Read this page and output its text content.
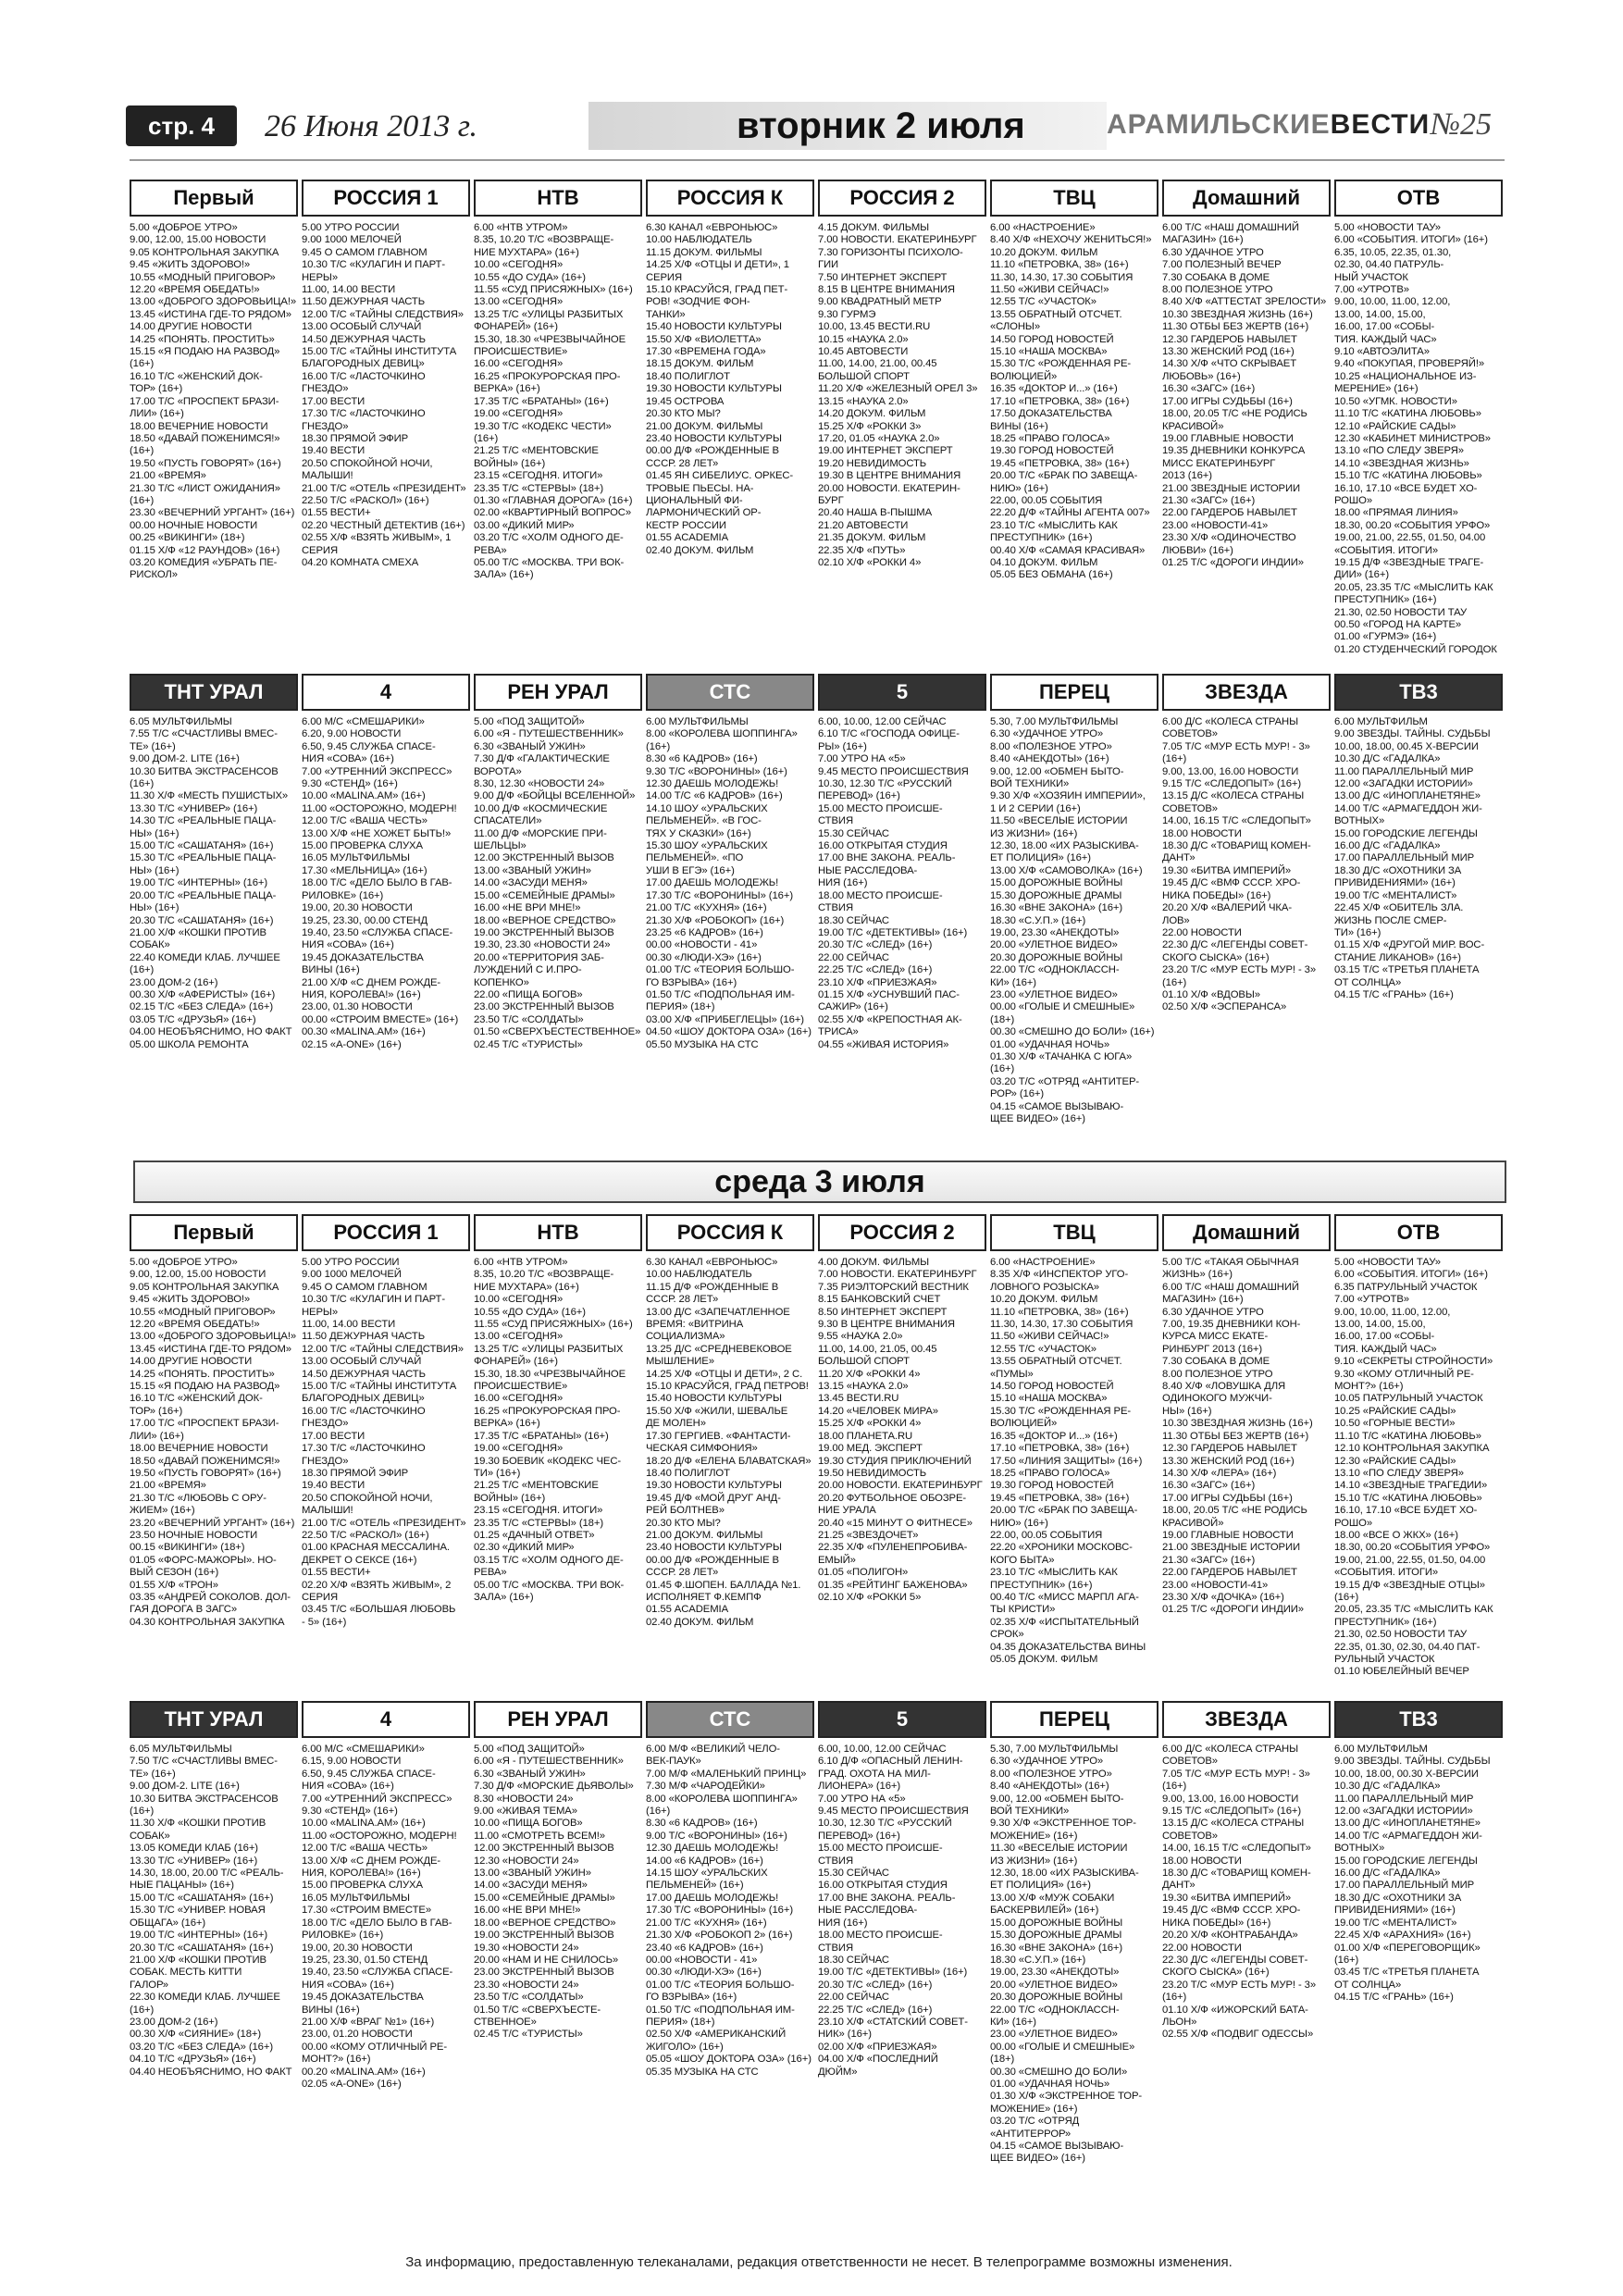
стр. 4	26 Июня 2013 г.	вторник 2 июля	АРАМИЛЬСКИЕВЕСТИ №25
Первый
5.00 «ДОБРОЕ УТРО»
9.00, 12.00, 15.00 НОВОСТИ
9.05 КОНТРОЛЬНАЯ ЗАКУПКА
9.45 «ЖИТЬ ЗДОРОВО!»
10.55 «МОДНЫЙ ПРИГОВОР»
12.20 «ВРЕМЯ ОБЕДАТЬ!»
13.00 «ДОБРОГО ЗДОРОВЬИЦА!»
13.45 «ИСТИНА ГДЕ-ТО РЯДОМ»
14.00 ДРУГИЕ НОВОСТИ
14.25 «ПОНЯТЬ. ПРОСТИТЬ»
15.15 «Я ПОДАЮ НА РАЗВОД»
(16+)
16.10 Т/С «ЖЕНСКИЙ ДОК-
ТОР» (16+)
17.00 Т/С «ПРОСПЕКТ БРАЗИ-
ЛИИ» (16+)
18.00 ВЕЧЕРНИЕ НОВОСТИ
18.50 «ДАВАЙ ПОЖЕНИМСЯ!»
(16+)
19.50 «ПУСТЬ ГОВОРЯТ» (16+)
21.00 «ВРЕМЯ»
21.30 Т/С «ЛИСТ ОЖИДАНИЯ»
(16+)
23.30 «ВЕЧЕРНИЙ УРГАНТ» (16+)
00.00 НОЧНЫЕ НОВОСТИ
00.25 «ВИКИНГИ» (18+)
01.15 Х/Ф «12 РАУНДОВ» (16+)
03.20 КОМЕДИЯ «УБРАТЬ ПЕ-
РИСКОЛ»
РОССИЯ 1
5.00 УТРО РОССИИ
9.00 1000 МЕЛОЧЕЙ
9.45 О САМОМ ГЛАВНОМ
10.30 Т/С «КУЛАГИН И ПАРТ-
НЕРЫ»
11.00, 14.00 ВЕСТИ
11.50 ДЕЖУРНАЯ ЧАСТЬ
12.00 Т/С «ТАЙНЫ СЛЕДСТВИЯ»
13.00 ОСОБЫЙ СЛУЧАЙ
14.50 ДЕЖУРНАЯ ЧАСТЬ
15.00 Т/С «ТАЙНЫ ИНСТИТУТА
БЛАГОРОДНЫХ ДЕВИЦ»
16.00 Т/С «ЛАСТОЧКИНО
ГНЕЗДО»
17.00 ВЕСТИ
17.30 Т/С «ЛАСТОЧКИНО
ГНЕЗДО»
18.30 ПРЯМОЙ ЭФИР
19.40 ВЕСТИ
20.50 СПОКОЙНОЙ НОЧИ,
МАЛЫШИ!
21.00 Т/С «ОТЕЛЬ «ПРЕЗИДЕНТ»
22.50 Т/С «РАСКОЛ» (16+)
01.55 ВЕСТИ+
02.20 ЧЕСТНЫЙ ДЕТЕКТИВ (16+)
02.55 Х/Ф «ВЗЯТЬ ЖИВЫМ», 1
СЕРИЯ
04.20 КОМНАТА СМЕХА
НТВ
6.00 «НТВ УТРОМ»
8.35, 10.20 Т/С «ВОЗВРАЩЕ-
НИЕ МУХТАРА» (16+)
10.00 «СЕГОДНЯ»
10.55 «ДО СУДА» (16+)
11.55 «СУД ПРИСЯЖНЫХ» (16+)
13.00 «СЕГОДНЯ»
13.25 Т/С «УЛИЦЫ РАЗБИТЫХ
ФОНАРЕЙ» (16+)
15.30, 18.30 «ЧРЕЗВЫЧАЙНОЕ
ПРОИСШЕСТВИЕ»
16.00 «СЕГОДНЯ»
16.25 «ПРОКУРОРСКАЯ ПРО-
ВЕРКА» (16+)
17.35 Т/С «БРАТАНЫ» (16+)
19.00 «СЕГОДНЯ»
19.30 Т/С «КОДЕКС ЧЕСТИ»
(16+)
21.25 Т/С «МЕНТОВСКИЕ
ВОЙНЫ» (16+)
23.15 «СЕГОДНЯ. ИТОГИ»
23.35 Т/С «СТЕРВЫ» (18+)
01.30 «ГЛАВНАЯ ДОРОГА» (16+)
02.00 «КВАРТИРНЫЙ ВОПРОС»
03.00 «ДИКИЙ МИР»
03.20 Т/С «ХОЛМ ОДНОГО ДЕ-
РЕВА»
05.00 Т/С «МОСКВА. ТРИ ВОК-
ЗАЛА» (16+)
РОССИЯ К
6.30 КАНАЛ «ЕВРОНЬЮС»
10.00 НАБЛЮДАТЕЛЬ
11.15 ДОКУМ. ФИЛЬМЫ
14.25 Х/Ф «ОТЦЫ И ДЕТИ», 1
СЕРИЯ
15.10 КРАСУЙСЯ, ГРАД ПЕТ-
РОВ! «ЗОДЧИЕ ФОН-
ТАНКИ»
15.40 НОВОСТИ КУЛЬТУРЫ
15.50 Х/Ф «ВИОЛЕТТА»
17.30 «ВРЕМЕНА ГОДА»
18.15 ДОКУМ. ФИЛЬМ
18.40 ПОЛИГЛОТ
19.30 НОВОСТИ КУЛЬТУРЫ
19.45 ОСТРОВА
20.30 КТО МЫ?
21.00 ДОКУМ. ФИЛЬМЫ
23.40 НОВОСТИ КУЛЬТУРЫ
00.00 Д/Ф «РОЖДЕННЫЕ В
СССР. 28 ЛЕТ»
01.45 ЯН СИБЕЛИУС. ОРКЕС-
ТРОВЫЕ ПЬЕСЫ. НА-
ЦИОНАЛЬНЫЙ ФИ-
ЛАРМОНИЧЕСКИЙ ОР-
КЕСТР РОССИИ
01.55 ACADEMIA
02.40 ДОКУМ. ФИЛЬМ
РОССИЯ 2
4.15 ДОКУМ. ФИЛЬМЫ
7.00 НОВОСТИ. ЕКАТЕРИНБУРГ
7.30 ГОРИЗОНТЫ ПСИХОЛО-
ГИИ
7.50 ИНТЕРНЕТ ЭКСПЕРТ
8.15 В ЦЕНТРЕ ВНИМАНИЯ
9.00 КВАДРАТНЫЙ МЕТР
9.30 ГУРМЭ
10.00, 13.45 ВЕСТИ.RU
10.15 «НАУКА 2.0»
10.45 АВТОВЕСТИ
11.00, 14.00, 21.00, 00.45
БОЛЬШОЙ СПОРТ
11.20 Х/Ф «ЖЕЛЕЗНЫЙ ОРЕЛ 3»
13.15 «НАУКА 2.0»
14.20 ДОКУМ. ФИЛЬМ
15.25 Х/Ф «РОККИ 3»
17.20, 01.05 «НАУКА 2.0»
19.00 ИНТЕРНЕТ ЭКСПЕРТ
19.20 НЕВИДИМОСТЬ
19.30 В ЦЕНТРЕ ВНИМАНИЯ
20.00 НОВОСТИ. ЕКАТЕРИН-
БУРГ
20.40 НАША В-ПЫШМА
21.20 АВТОВЕСТИ
21.35 ДОКУМ. ФИЛЬМ
22.35 Х/Ф «ПУТЬ»
02.10 Х/Ф «РОККИ 4»
ТВЦ
6.00 «НАСТРОЕНИЕ»
8.40 Х/Ф «НЕХОЧУ ЖЕНИТЬСЯ!»
10.20 ДОКУМ. ФИЛЬМ
11.10 «ПЕТРОВКА, 38» (16+)
11.30, 14.30, 17.30 СОБЫТИЯ
11.50 «ЖИВИ СЕЙЧАС!»
12.55 Т/С «УЧАСТОК»
13.55 ОБРАТНЫЙ ОТСЧЕТ.
«СЛОНЫ»
14.50 ГОРОД НОВОСТЕЙ
15.10 «НАША МОСКВА»
15.30 Т/С «РОЖДЕННАЯ РЕ-
ВОЛЮЦИЕЙ»
16.35 «ДОКТОР И...» (16+)
17.10 «ПЕТРОВКА, 38» (16+)
17.50 ДОКАЗАТЕЛЬСТВА
ВИНЫ (16+)
18.25 «ПРАВО ГОЛОСА»
19.30 ГОРОД НОВОСТЕЙ
19.45 «ПЕТРОВКА, 38» (16+)
20.00 Т/С «БРАК ПО ЗАВЕЩА-
НИЮ» (16+)
22.00, 00.05 СОБЫТИЯ
22.20 Д/Ф «ТАЙНЫ АГЕНТА 007»
23.10 Т/С «МЫСЛИТЬ КАК
ПРЕСТУПНИК» (16+)
00.40 Х/Ф «САМАЯ КРАСИВАЯ»
04.10 ДОКУМ. ФИЛЬМ
05.05 БЕЗ ОБМАНА (16+)
Домашний
6.00 Т/С «НАШ ДОМАШНИЙ
МАГАЗИН» (16+)
6.30 УДАЧНОЕ УТРО
7.00 ПОЛЕЗНЫЙ ВЕЧЕР
7.30 СОБАКА В ДОМЕ
8.00 ПОЛЕЗНОЕ УТРО
8.40 Х/Ф «АТТЕСТАТ ЗРЕЛОСТИ»
10.30 ЗВЕЗДНАЯ ЖИЗНЬ (16+)
11.30 ОТБЫ БЕЗ ЖЕРТВ (16+)
12.30 ГАРДЕРОБ НАВЫЛЕТ
13.30 ЖЕНСКИЙ РОД (16+)
14.30 Х/Ф «ЧТО СКРЫВАЕТ
ЛЮБОВЬ» (16+)
16.30 «ЗАГС» (16+)
17.00 ИГРЫ СУДЬБЫ (16+)
18.00, 20.05 Т/С «НЕ РОДИСЬ
КРАСИВОЙ»
19.00 ГЛАВНЫЕ НОВОСТИ
19.35 ДНЕВНИКИ КОНКУРСА
МИСС ЕКАТЕРИНБУРГ
2013 (16+)
21.00 ЗВЕЗДНЫЕ ИСТОРИИ
21.30 «ЗАГС» (16+)
22.00 ГАРДЕРОБ НАВЫЛЕТ
23.00 «НОВОСТИ-41»
23.30 Х/Ф «ОДИНОЧЕСТВО
ЛЮБВИ» (16+)
01.25 Т/С «ДОРОГИ ИНДИИ»
ОТВ
5.00 «НОВОСТИ ТАУ»
6.00 «СОБЫТИЯ. ИТОГИ» (16+)
6.35, 10.05, 22.35, 01.30,
02.30, 04.40 ПАТРУЛЬ-
НЫЙ УЧАСТОК
7.00 «УТРОТВ»
9.00, 10.00, 11.00, 12.00,
13.00, 14.00, 15.00,
16.00, 17.00 «СОБЫ-
ТИЯ. КАЖДЫЙ ЧАС»
9.10 «АВТОЭЛИТА»
9.40 «ПОКУПАЯ, ПРОВЕРЯЙ!»
10.25 «НАЦИОНАЛЬНОЕ ИЗ-
МЕРЕНИЕ» (16+)
10.50 «УГМК. НОВОСТИ»
11.10 Т/С «КАТИНА ЛЮБОВЬ»
12.10 «РАЙСКИЕ САДЫ»
12.30 «КАБИНЕТ МИНИСТРОВ»
13.10 «ПО СЛЕДУ ЗВЕРЯ»
14.10 «ЗВЕЗДНАЯ ЖИЗНЬ»
15.10 Т/С «КАТИНА ЛЮБОВЬ»
16.10, 17.10 «ВСЕ БУДЕТ ХО-
РОШО»
18.00 «ПРЯМАЯ ЛИНИЯ»
18.30, 00.20 «СОБЫТИЯ УРФО»
19.00, 21.00, 22.55, 01.50, 04.00
«СОБЫТИЯ. ИТОГИ»
19.15 Д/Ф «ЗВЕЗДНЫЕ ТРАГЕ-
ДИИ» (16+)
20.05, 23.35 Т/С «МЫСЛИТЬ КАК
ПРЕСТУПНИК» (16+)
21.30, 02.50 НОВОСТИ ТАУ
00.50 «ГОРОД НА КАРТЕ»
01.00 «ГУРМЭ» (16+)
01.20 СТУДЕНЧЕСКИЙ ГОРОДОК
ТНТ УРАЛ
6.05 МУЛЬТФИЛЬМЫ
7.55 Т/С «СЧАСТЛИВЫ ВМЕС-
ТЕ» (16+)
9.00 ДОМ-2. LITE (16+)
10.30 БИТВА ЭКСТРАСЕНСОВ
(16+)
11.30 Х/Ф «МЕСТЬ ПУШИСТЫХ»
13.30 Т/С «УНИВЕР» (16+)
14.30 Т/С «РЕАЛЬНЫЕ ПАЦА-
НЫ» (16+)
15.00 Т/С «САШАТАНЯ» (16+)
15.30 Т/С «РЕАЛЬНЫЕ ПАЦА-
НЫ» (16+)
19.00 Т/С «ИНТЕРНЫ» (16+)
20.00 Т/С «РЕАЛЬНЫЕ ПАЦА-
НЫ» (16+)
20.30 Т/С «САШАТАНЯ» (16+)
21.00 Х/Ф «КОШКИ ПРОТИВ
СОБАК»
22.40 КОМЕДИ КЛАБ. ЛУЧШЕЕ
(16+)
23.00 ДОМ-2 (16+)
00.30 Х/Ф «АФЕРИСТЫ» (16+)
02.15 Т/С «БЕЗ СЛЕДА» (16+)
03.05 Т/С «ДРУЗЬЯ» (16+)
04.00 НЕОБЪЯСНИМО, НО ФАКТ
05.00 ШКОЛА РЕМОНТА
4
6.00 М/С «СМЕШАРИКИ»
6.20, 9.00 НОВОСТИ
6.50, 9.45 СЛУЖБА СПАСЕ-
НИЯ «СОВА» (16+)
7.00 «УТРЕННИЙ ЭКСПРЕСС»
9.30 «СТЕНД» (16+)
10.00 «MALINA.AM» (16+)
11.00 «ОСТОРОЖНО, МОДЕРН!
12.00 Т/С «ВАША ЧЕСТЬ»
13.00 Х/Ф «НЕ ХОЖЕТ БЫТЬ!»
15.00 ПРОВЕРКА СЛУХА
16.05 МУЛЬТФИЛЬМЫ
17.30 «МЕЛЬНИЦА» (16+)
18.00 Т/С «ДЕЛО БЫЛО В ГАВ-
РИЛОВКЕ» (16+)
19.00, 20.30 НОВОСТИ
19.25, 23.30, 00.00 СТЕНД
19.40, 23.50 «СЛУЖБА СПАСЕ-
НИЯ «СОВА» (16+)
19.45 ДОКАЗАТЕЛЬСТВА
ВИНЫ (16+)
21.00 Х/Ф «С ДНЕМ РОЖДЕ-
НИЯ, КОРОЛЕВА!» (16+)
23.00, 01.30 НОВОСТИ
00.00 «СТРОИМ ВМЕСТЕ» (16+)
00.30 «MALINA.AM» (16+)
02.15 «A-ONE» (16+)
РЕН УРАЛ
5.00 «ПОД ЗАЩИТОЙ»
6.00 «Я - ПУТЕШЕСТВЕННИК»
6.30 «ЗВАНЫЙ УЖИН»
7.30 Д/Ф «ГАЛАКТИЧЕСКИЕ
ВОРОТА»
8.30, 12.30 «НОВОСТИ 24»
9.00 Д/Ф «БОЙЦЫ ВСЕЛЕННОЙ»
10.00 Д/Ф «КОСМИЧЕСКИЕ
СПАСАТЕЛИ»
11.00 Д/Ф «МОРСКИЕ ПРИ-
ШЕЛЬЦЫ»
12.00 ЭКСТРЕННЫЙ ВЫЗОВ
13.00 «ЗВАНЫЙ УЖИН»
14.00 «ЗАСУДИ МЕНЯ»
15.00 «СЕМЕЙНЫЕ ДРАМЫ»
16.00 «НЕ ВРИ МНЕ!»
18.00 «ВЕРНОЕ СРЕДСТВО»
19.00 ЭКСТРЕННЫЙ ВЫЗОВ
19.30, 23.30 «НОВОСТИ 24»
20.00 «ТЕРРИТОРИЯ ЗАБ-
ЛУЖДЕНИЙ С И.ПРО-
КОПЕНКО»
22.00 «ПИЩА БОГОВ»
23.00 ЭКСТРЕННЫЙ ВЫЗОВ
23.50 Т/С «СОЛДАТЫ»
01.50 «СВЕРХЪЕСТЕСТВЕННОЕ»
02.45 Т/С «ТУРИСТЫ»
СТС
6.00 МУЛЬТФИЛЬМЫ
8.00 «КОРОЛЕВА ШОППИНГА»
(16+)
8.30 «6 КАДРОВ» (16+)
9.30 Т/С «ВОРОНИНЫ» (16+)
12.30 ДАЕШЬ МОЛОДЕЖЬ!
14.00 Т/С «6 КАДРОВ» (16+)
14.10 ШОУ «УРАЛЬСКИХ
ПЕЛЬМЕНЕЙ». «В ГОС-
ТЯХ У СКАЗКИ» (16+)
15.30 ШОУ «УРАЛЬСКИХ
ПЕЛЬМЕНЕЙ». «ПО
УШИ В ЕГЭ» (16+)
17.00 ДАЕШЬ МОЛОДЕЖЬ!
17.30 Т/С «ВОРОНИНЫ» (16+)
21.00 Т/С «КУХНЯ» (16+)
21.30 Х/Ф «РОБОКОП» (16+)
23.25 «6 КАДРОВ» (16+)
00.00 «НОВОСТИ - 41»
00.30 «ЛЮДИ-ХЭ» (16+)
01.00 Т/С «ТЕОРИЯ БОЛЬШО-
ГО ВЗРЫВА» (16+)
01.50 Т/С «ПОДПОЛЬНАЯ ИМ-
ПЕРИЯ» (18+)
03.00 Х/Ф «ПРИБЕГЛЕЦЫ» (16+)
04.50 «ШОУ ДОКТОРА ОЗА» (16+)
05.50 МУЗЫКА НА СТС
5
6.00, 10.00, 12.00 СЕЙЧАС
6.10 Т/С «ГОСПОДА ОФИЦЕ-
РЫ» (16+)
7.00 УТРО НА «5»
9.45 МЕСТО ПРОИСШЕСТВИЯ
10.30, 12.30 Т/С «РУССКИЙ
ПЕРЕВОД» (16+)
15.00 МЕСТО ПРОИСШЕ-
СТВИЯ
15.30 СЕЙЧАС
16.00 ОТКРЫТАЯ СТУДИЯ
17.00 ВНЕ ЗАКОНА. РЕАЛЬ-
НЫЕ РАССЛЕДОВА-
НИЯ (16+)
18.00 МЕСТО ПРОИСШЕ-
СТВИЯ
18.30 СЕЙЧАС
19.00 Т/С «ДЕТЕКТИВЫ» (16+)
20.30 Т/С «СЛЕД» (16+)
22.00 СЕЙЧАС
22.25 Т/С «СЛЕД» (16+)
23.10 Х/Ф «ПРИЕЗЖАЯ»
01.15 Х/Ф «УСНУВШИЙ ПАС-
САЖИР» (16+)
02.55 Х/Ф «КРЕПОСТНАЯ АК-
ТРИСА»
04.55 «ЖИВАЯ ИСТОРИЯ»
ПЕРЕЦ
5.30, 7.00 МУЛЬТФИЛЬМЫ
6.30 «УДАЧНОЕ УТРО»
8.00 «ПОЛЕЗНОЕ УТРО»
8.40 «АНЕКДОТЫ» (16+)
9.00, 12.00 «ОБМЕН БЫТО-
ВОЙ ТЕХНИКИ»
9.30 Х/Ф «ХОЗЯИН ИМПЕРИИ»,
1 И 2 СЕРИИ (16+)
11.50 «ВЕСЕЛЫЕ ИСТОРИИ
ИЗ ЖИЗНИ» (16+)
12.30, 18.00 «ИХ РАЗЫСКИВА-
ЕТ ПОЛИЦИЯ» (16+)
13.00 Х/Ф «САМОВОЛКА» (16+)
15.00 ДОРОЖНЫЕ ВОЙНЫ
15.30 ДОРОЖНЫЕ ДРАМЫ
16.30 «ВНЕ ЗАКОНА» (16+)
18.30 «С.У.П.» (16+)
19.00, 23.30 «АНЕКДОТЫ»
20.00 «УЛЕТНОЕ ВИДЕО»
20.30 ДОРОЖНЫЕ ВОЙНЫ
22.00 Т/С «ОДНОКЛАССН-
КИ» (16+)
23.00 «УЛЕТНОЕ ВИДЕО»
00.00 «ГОЛЫЕ И СМЕШНЫЕ» (18+)
00.30 «СМЕШНО ДО БОЛИ» (16+)
01.00 «УДАЧНАЯ НОЧЬ»
01.30 Х/Ф «ТАЧАНКА С ЮГА» (16+)
03.20 Т/С «ОТРЯД «АНТИТЕР-
РОР» (16+)
04.15 «САМОЕ ВЫЗЫВАЮ-
ЩЕЕ ВИДЕО» (16+)
ЗВЕЗДА
6.00 Д/С «КОЛЕСА СТРАНЫ
СОВЕТОВ»
7.05 Т/С «МУР ЕСТЬ МУР! - 3»
(16+)
9.00, 13.00, 16.00 НОВОСТИ
9.15 Т/С «СЛЕДОПЫТ» (16+)
13.15 Д/С «КОЛЕСА СТРАНЫ
СОВЕТОВ»
14.00, 16.15 Т/С «СЛЕДОПЫТ»
18.00 НОВОСТИ
18.30 Д/С «ТОВАРИЩ КОМЕН-
ДАНТ»
19.30 «БИТВА ИМПЕРИЙ»
19.45 Д/С «ВМФ СССР. ХРО-
НИКА ПОБЕДЫ» (16+)
20.20 Х/Ф «ВАЛЕРИЙ ЧКА-
ЛОВ»
22.00 НОВОСТИ
22.30 Д/С «ЛЕГЕНДЫ СОВЕТ-
СКОГО СЫСКА» (16+)
23.20 Т/С «МУР ЕСТЬ МУР! - 3»
(16+)
01.10 Х/Ф «ВДОВЫ»
02.50 Х/Ф «ЭСПЕРАНСА»
ТВ3
6.00 МУЛЬТФИЛЬМ
9.00 ЗВЕЗДЫ. ТАЙНЫ. СУДЬБЫ
10.00, 18.00, 00.45 Х-ВЕРСИИ
10.30 Д/С «ГАДАЛКА»
11.00 ПАРАЛЛЕЛЬНЫЙ МИР
12.00 «ЗАГАДКИ ИСТОРИИ»
13.00 Д/С «ИНОПЛАНЕТЯНЕ»
14.00 Т/С «АРМАГЕДДОН ЖИ-
ВОТНЫХ»
15.00 ГОРОДСКИЕ ЛЕГЕНДЫ
16.00 Д/С «ГАДАЛКА»
17.00 ПАРАЛЛЕЛЬНЫЙ МИР
18.30 Д/С «ОХОТНИКИ ЗА
ПРИВИДЕНИЯМИ» (16+)
19.00 Т/С «МЕНТАЛИСТ»
22.45 Х/Ф «ОБИТЕЛЬ ЗЛА.
ЖИЗНЬ ПОСЛЕ СМЕР-
ТИ» (16+)
01.15 Х/Ф «ДРУГОЙ МИР. ВОС-
СТАНИЕ ЛИКАНОВ» (16+)
03.15 Т/С «ТРЕТЬЯ ПЛАНЕТА
ОТ СОЛНЦА»
04.15 Т/С «ГРАНЬ» (16+)
среда 3 июля
Первый
5.00 «ДОБРОЕ УТРО»
9.00, 12.00, 15.00 НОВОСТИ
9.05 КОНТРОЛЬНАЯ ЗАКУПКА
9.45 «ЖИТЬ ЗДОРОВО!»
10.55 «МОДНЫЙ ПРИГОВОР»
12.20 «ВРЕМЯ ОБЕДАТЬ!»
13.00 «ДОБРОГО ЗДОРОВЬИЦА!»
13.45 «ИСТИНА ГДЕ-ТО РЯДОМ»
14.00 ДРУГИЕ НОВОСТИ
14.25 «ПОНЯТЬ. ПРОСТИТЬ»
15.15 «Я ПОДАЮ НА РАЗВОД»
16.10 Т/С «ЖЕНСКИЙ ДОК-
ТОР» (16+)
17.00 Т/С «ПРОСПЕКТ БРАЗИ-
ЛИИ» (16+)
18.00 ВЕЧЕРНИЕ НОВОСТИ
18.50 «ДАВАЙ ПОЖЕНИМСЯ!»
19.50 «ПУСТЬ ГОВОРЯТ» (16+)
21.00 «ВРЕМЯ»
21.30 Т/С «ЛЮБОВЬ С ОРУ-
ЖИЕМ» (16+)
23.20 «ВЕЧЕРНИЙ УРГАНТ» (16+)
23.50 НОЧНЫЕ НОВОСТИ
00.15 «ВИКИНГИ» (18+)
01.05 «ФОРС-МАЖОРЫ». НО-
ВЫЙ СЕЗОН (16+)
01.55 Х/Ф «ТРОН»
03.35 «АНДРЕЙ СОКОЛОВ. ДОЛ-
ГАЯ ДОРОГА В ЗАГС»
04.30 КОНТРОЛЬНАЯ ЗАКУПКА
РОССИЯ 1
5.00 УТРО РОССИИ
9.00 1000 МЕЛОЧЕЙ
9.45 О САМОМ ГЛАВНОМ
10.30 Т/С «КУЛАГИН И ПАРТ-
НЕРЫ»
11.00, 14.00 ВЕСТИ
11.50 ДЕЖУРНАЯ ЧАСТЬ
12.00 Т/С «ТАЙНЫ СЛЕДСТВИЯ»
13.00 ОСОБЫЙ СЛУЧАЙ
14.50 ДЕЖУРНАЯ ЧАСТЬ
15.00 Т/С «ТАЙНЫ ИНСТИТУТА
БЛАГОРОДНЫХ ДЕВИЦ»
16.00 Т/С «ЛАСТОЧКИНО
ГНЕЗДО»
17.00 ВЕСТИ
17.30 Т/С «ЛАСТОЧКИНО
ГНЕЗДО»
18.30 ПРЯМОЙ ЭФИР
19.40 ВЕСТИ
20.50 СПОКОЙНОЙ НОЧИ,
МАЛЫШИ!
21.00 Т/С «ОТЕЛЬ «ПРЕЗИДЕНТ»
22.50 Т/С «РАСКОЛ» (16+)
01.00 КРАСНАЯ МЕССАЛИНА.
ДЕКРЕТ О СЕКСЕ (16+)
01.55 ВЕСТИ+
02.20 Х/Ф «ВЗЯТЬ ЖИВЫМ», 2
СЕРИЯ
03.45 Т/С «БОЛЬШАЯ ЛЮБОВЬ
- 5» (16+)
НТВ
6.00 «НТВ УТРОМ»
8.35, 10.20 Т/С «ВОЗВРАЩЕ-
НИЕ МУХТАРА» (16+)
10.00 «СЕГОДНЯ»
10.55 «ДО СУДА» (16+)
11.55 «СУД ПРИСЯЖНЫХ» (16+)
13.00 «СЕГОДНЯ»
13.25 Т/С «УЛИЦЫ РАЗБИТЫХ
ФОНАРЕЙ» (16+)
15.30, 18.30 «ЧРЕЗВЫЧАЙНОЕ
ПРОИСШЕСТВИЕ»
16.00 «СЕГОДНЯ»
16.25 «ПРОКУРОРСКАЯ ПРО-
ВЕРКА» (16+)
17.35 Т/С «БРАТАНЫ» (16+)
19.00 «СЕГОДНЯ»
19.30 БОЕВИК «КОДЕКС ЧЕС-
ТИ» (16+)
21.25 Т/С «МЕНТОВСКИЕ
ВОЙНЫ» (16+)
23.15 «СЕГОДНЯ. ИТОГИ»
23.35 Т/С «СТЕРВЫ» (18+)
01.25 «ДАЧНЫЙ ОТВЕТ»
02.30 «ДИКИЙ МИР»
03.15 Т/С «ХОЛМ ОДНОГО ДЕ-
РЕВА»
05.00 Т/С «МОСКВА. ТРИ ВОК-
ЗАЛА» (16+)
РОССИЯ К
6.30 КАНАЛ «ЕВРОНЬЮС»
10.00 НАБЛЮДАТЕЛЬ
11.15 Д/Ф «РОЖДЕННЫЕ В
СССР. 28 ЛЕТ»
13.00 Д/С «ЗАПЕЧАТЛЕННОЕ
ВРЕМЯ: «ВИТРИНА
СОЦИАЛИЗМА»
13.25 Д/С «СРЕДНЕВЕКОВОЕ
МЫШЛЕНИЕ»
14.25 Х/Ф «ОТЦЫ И ДЕТИ», 2 С.
15.10 КРАСУЙСЯ, ГРАД ПЕТРОВ!
15.40 НОВОСТИ КУЛЬТУРЫ
15.50 Х/Ф «ЖИЛИ, ШЕВАЛЬЕ
ДЕ МОЛЕН»
17.30 ГЕРГИЕВ. «ФАНТАСТИ-
ЧЕСКАЯ СИМФОНИЯ»
18.20 Д/Ф «ЕЛЕНА БЛАВАТСКАЯ»
18.40 ПОЛИГЛОТ
19.30 НОВОСТИ КУЛЬТУРЫ
19.45 Д/Ф «МОЙ ДРУГ АНД-
РЕЙ БОЛТНЕВ»
20.30 КТО МЫ?
21.00 ДОКУМ. ФИЛЬМЫ
23.40 НОВОСТИ КУЛЬТУРЫ
00.00 Д/Ф «РОЖДЕННЫЕ В
СССР. 28 ЛЕТ»
01.45 Ф.ШОПЕН. БАЛЛАДА №1.
ИСПОЛНЯЕТ Ф.КЕМПФ
01.55 ACADEMIA
02.40 ДОКУМ. ФИЛЬМ
РОССИЯ 2
4.00 ДОКУМ. ФИЛЬМЫ
7.00 НОВОСТИ. ЕКАТЕРИНБУРГ
7.35 РИЭЛТОРСКИЙ ВЕСТНИК
8.15 БАНКОВСКИЙ СЧЕТ
8.50 ИНТЕРНЕТ ЭКСПЕРТ
9.30 В ЦЕНТРЕ ВНИМАНИЯ
9.55 «НАУКА 2.0»
11.00, 14.00, 21.05, 00.45
БОЛЬШОЙ СПОРТ
11.20 Х/Ф «РОККИ 4»
13.15 «НАУКА 2.0»
13.45 ВЕСТИ.RU
14.20 «ЧЕЛОВЕК МИРА»
15.25 Х/Ф «РОККИ 4»
18.00 ПЛАНЕТА.RU
19.00 МЕД. ЭКСПЕРТ
19.30 СТУДИЯ ПРИКЛЮЧЕНИЙ
19.50 НЕВИДИМОСТЬ
20.00 НОВОСТИ. ЕКАТЕРИНБУРГ
20.20 ФУТБОЛЬНОЕ ОБОЗРЕ-
НИЕ УРАЛА
20.40 «15 МИНУТ О ФИТНЕСЕ»
21.25 «ЗВЕЗДОЧЕТ»
22.35 Х/Ф «ПУЛЕНЕПРОБИВА-
ЕМЫЙ»
01.05 «ПОЛИГОН»
01.35 «РЕЙТИНГ БАЖЕНОВА»
02.10 Х/Ф «РОККИ 5»
ТВЦ
6.00 «НАСТРОЕНИЕ»
8.35 Х/Ф «ИНСПЕКТОР УГО-
ЛОВНОГО РОЗЫСКА»
10.20 ДОКУМ. ФИЛЬМ
11.10 «ПЕТРОВКА, 38» (16+)
11.30, 14.30, 17.30 СОБЫТИЯ
11.50 «ЖИВИ СЕЙЧАС!»
12.55 Т/С «УЧАСТОК»
13.55 ОБРАТНЫЙ ОТСЧЕТ.
«ПУМЫ»
14.50 ГОРОД НОВОСТЕЙ
15.10 «НАША МОСКВА»
15.30 Т/С «РОЖДЕННАЯ РЕ-
ВОЛЮЦИЕЙ»
16.35 «ДОКТОР И...» (16+)
17.10 «ПЕТРОВКА, 38» (16+)
17.50 «ЛИНИЯ ЗАЩИТЫ» (16+)
18.25 «ПРАВО ГОЛОСА»
19.30 ГОРОД НОВОСТЕЙ
19.45 «ПЕТРОВКА, 38» (16+)
20.00 Т/С «БРАК ПО ЗАВЕЩА-
НИЮ» (16+)
22.00, 00.05 СОБЫТИЯ
22.20 «ХРОНИКИ МОСКОВС-
КОГО БЫТА»
23.10 Т/С «МЫСЛИТЬ КАК
ПРЕСТУПНИК» (16+)
00.40 Т/С «МИСС МАРПЛ АГА-
ТЫ КРИСТИ»
02.35 Х/Ф «ИСПЫТАТЕЛЬНЫЙ
СРОК»
04.35 ДОКАЗАТЕЛЬСТВА ВИНЫ
05.05 ДОКУМ. ФИЛЬМ
Домашний
5.00 Т/С «ТАКАЯ ОБЫЧНАЯ
ЖИЗНЬ» (16+)
6.00 Т/С «НАШ ДОМАШНИЙ
МАГАЗИН» (16+)
6.30 УДАЧНОЕ УТРО
7.00, 19.35 ДНЕВНИКИ КОН-
КУРСА МИСС ЕКАТЕ-
РИНБУРГ 2013 (16+)
7.30 СОБАКА В ДОМЕ
8.00 ПОЛЕЗНОЕ УТРО
8.40 Х/Ф «ЛОВУШКА ДЛЯ
ОДИНОКОГО МУЖЧИ-
НЫ» (16+)
10.30 ЗВЕЗДНАЯ ЖИЗНЬ (16+)
11.30 ОТБЫ БЕЗ ЖЕРТВ (16+)
12.30 ГАРДЕРОБ НАВЫЛЕТ
13.30 ЖЕНСКИЙ РОД (16+)
14.30 Х/Ф «ЛЕРА» (16+)
16.30 «ЗАГС» (16+)
17.00 ИГРЫ СУДЬБЫ (16+)
18.00, 20.05 Т/С «НЕ РОДИСЬ
КРАСИВОЙ»
19.00 ГЛАВНЫЕ НОВОСТИ
21.00 ЗВЕЗДНЫЕ ИСТОРИИ
21.30 «ЗАГС» (16+)
22.00 ГАРДЕРОБ НАВЫЛЕТ
23.00 «НОВОСТИ-41»
23.30 Х/Ф «ДОЧКА» (16+)
01.25 Т/С «ДОРОГИ ИНДИИ»
ОТВ
5.00 «НОВОСТИ ТАУ»
6.00 «СОБЫТИЯ. ИТОГИ» (16+)
6.35 ПАТРУЛЬНЫЙ УЧАСТОК
7.00 «УТРОТВ»
9.00, 10.00, 11.00, 12.00,
13.00, 14.00, 15.00,
16.00, 17.00 «СОБЫ-
ТИЯ. КАЖДЫЙ ЧАС»
9.10 «СЕКРЕТЫ СТРОЙНОСТИ»
9.30 «КОМУ ОТЛИЧНЫЙ РЕ-
МОНТ?» (16+)
10.05 ПАТРУЛЬНЫЙ УЧАСТОК
10.25 «РАЙСКИЕ САДЫ»
10.50 «ГОРНЫЕ ВЕСТИ»
11.10 Т/С «КАТИНА ЛЮБОВЬ»
12.10 КОНТРОЛЬНАЯ ЗАКУПКА
12.30 «РАЙСКИЕ САДЫ»
13.10 «ПО СЛЕДУ ЗВЕРЯ»
14.10 «ЗВЕЗДНЫЕ ТРАГЕДИИ»
15.10 Т/С «КАТИНА ЛЮБОВЬ»
16.10, 17.10 «ВСЕ БУДЕТ ХО-
РОШО»
18.00 «ВСЕ О ЖКХ» (16+)
18.30, 00.20 «СОБЫТИЯ УРФО»
19.00, 21.00, 22.55, 01.50, 04.00
«СОБЫТИЯ. ИТОГИ»
19.15 Д/Ф «ЗВЕЗДНЫЕ ОТЦЫ»
(16+)
20.05, 23.35 Т/С «МЫСЛИТЬ КАК
ПРЕСТУПНИК» (16+)
21.30, 02.50 НОВОСТИ ТАУ
22.35, 01.30, 02.30, 04.40 ПАТ-
РУЛЬНЫЙ УЧАСТОК
01.10 ЮБЕЛЕЙНЫЙ ВЕЧЕР
ТНТ УРАЛ
6.05 МУЛЬТФИЛЬМЫ
7.50 Т/С «СЧАСТЛИВЫ ВМЕС-
ТЕ» (16+)
9.00 ДОМ-2. LITE (16+)
10.30 БИТВА ЭКСТРАСЕНСОВ
(16+)
11.30 Х/Ф «КОШКИ ПРОТИВ
СОБАК»
13.05 КОМЕДИ КЛАБ (16+)
13.30 Т/С «УНИВЕР» (16+)
14.30, 18.00, 20.00 Т/С «РЕАЛЬ-
НЫЕ ПАЦАНЫ» (16+)
15.00 Т/С «САШАТАНЯ» (16+)
15.30 Т/С «УНИВЕР. НОВАЯ
ОБЩАГА» (16+)
19.00 Т/С «ИНТЕРНЫ» (16+)
20.30 Т/С «САШАТАНЯ» (16+)
21.00 Х/Ф «КОШКИ ПРОТИВ
СОБАК. МЕСТЬ КИТТИ
ГАЛОР»
22.30 КОМЕДИ КЛАБ. ЛУЧШЕЕ
(16+)
23.00 ДОМ-2 (16+)
00.30 Х/Ф «СИЯНИЕ» (18+)
03.20 Т/С «БЕЗ СЛЕДА» (16+)
04.10 Т/С «ДРУЗЬЯ» (16+)
04.40 НЕОБЪЯСНИМО, НО ФАКТ
4
6.00 М/С «СМЕШАРИКИ»
6.15, 9.00 НОВОСТИ
6.50, 9.45 СЛУЖБА СПАСЕ-
НИЯ «СОВА» (16+)
7.00 «УТРЕННИЙ ЭКСПРЕСС»
9.30 «СТЕНД» (16+)
10.00 «MALINA.AM» (16+)
11.00 «ОСТОРОЖНО, МОДЕРН!
12.00 Т/С «ВАША ЧЕСТЬ»
13.00 Х/Ф «С ДНЕМ РОЖДЕ-
НИЯ, КОРОЛЕВА!» (16+)
15.00 ПРОВЕРКА СЛУХА
16.05 МУЛЬТФИЛЬМЫ
17.30 «СТРОИМ ВМЕСТЕ»
18.00 Т/С «ДЕЛО БЫЛО В ГАВ-
РИЛОВКЕ» (16+)
19.00, 20.30 НОВОСТИ
19.25, 23.30, 01.50 СТЕНД
19.40, 23.50 «СЛУЖБА СПАСЕ-
НИЯ «СОВА» (16+)
19.45 ДОКАЗАТЕЛЬСТВА
ВИНЫ (16+)
21.00 Х/Ф «ВРАГ №1» (16+)
23.00, 01.20 НОВОСТИ
00.00 «КОМУ ОТЛИЧНЫЙ РЕ-
МОНТ?» (16+)
00.20 «MALINA.AM» (16+)
02.05 «A-ONE» (16+)
РЕН УРАЛ
5.00 «ПОД ЗАЩИТОЙ»
6.00 «Я - ПУТЕШЕСТВЕННИК»
6.30 «ЗВАНЫЙ УЖИН»
7.30 Д/Ф «МОРСКИЕ ДЬЯВОЛЫ»
8.30 «НОВОСТИ 24»
9.00 «ЖИВАЯ ТЕМА»
10.00 «ПИЩА БОГОВ»
11.00 «СМОТРЕТЬ ВСЕМ!»
12.00 ЭКСТРЕННЫЙ ВЫЗОВ
12.30 «НОВОСТИ 24»
13.00 «ЗВАНЫЙ УЖИН»
14.00 «ЗАСУДИ МЕНЯ»
15.00 «СЕМЕЙНЫЕ ДРАМЫ»
16.00 «НЕ ВРИ МНЕ!»
18.00 «ВЕРНОЕ СРЕДСТВО»
19.00 ЭКСТРЕННЫЙ ВЫЗОВ
19.30 «НОВОСТИ 24»
20.00 «НАМ И НЕ СНИЛОСЬ»
23.00 ЭКСТРЕННЫЙ ВЫЗОВ
23.30 «НОВОСТИ 24»
23.50 Т/С «СОЛДАТЫ»
01.50 Т/С «СВЕРХЪЕСТЕ-
СТВЕННОЕ»
02.45 Т/С «ТУРИСТЫ»
СТС
6.00 М/Ф «ВЕЛИКИЙ ЧЕЛО-
ВЕК-ПАУК»
7.00 М/Ф «МАЛЕНЬКИЙ ПРИНЦ»
7.30 М/Ф «ЧАРОДЕЙКИ»
8.00 «КОРОЛЕВА ШОППИНГА»
(16+)
8.30 «6 КАДРОВ» (16+)
9.00 Т/С «ВОРОНИНЫ» (16+)
12.30 ДАЕШЬ МОЛОДЕЖЬ!
14.00 «6 КАДРОВ» (16+)
14.15 ШОУ «УРАЛЬСКИХ
ПЕЛЬМЕНЕЙ» (16+)
17.00 ДАЕШЬ МОЛОДЕЖЬ!
17.30 Т/С «ВОРОНИНЫ» (16+)
21.00 Т/С «КУХНЯ» (16+)
21.30 Х/Ф «РОБОКОП 2» (16+)
23.40 «6 КАДРОВ» (16+)
00.00 «НОВОСТИ - 41»
00.30 «ЛЮДИ-ХЭ» (16+)
01.00 Т/С «ТЕОРИЯ БОЛЬШО-
ГО ВЗРЫВА» (16+)
01.50 Т/С «ПОДПОЛЬНАЯ ИМ-
ПЕРИЯ» (18+)
02.50 Х/Ф «АМЕРИКАНСКИЙ
ЖИГОЛО» (16+)
05.05 «ШОУ ДОКТОРА ОЗА» (16+)
05.35 МУЗЫКА НА СТС
5
6.00, 10.00, 12.00 СЕЙЧАС
6.10 Д/Ф «ОПАСНЫЙ ЛЕНИН-
ГРАД. ОХОТА НА МИЛ-
ЛИОНЕРА» (16+)
7.00 УТРО НА «5»
9.45 МЕСТО ПРОИСШЕСТВИЯ
10.30, 12.30 Т/С «РУССКИЙ
ПЕРЕВОД» (16+)
15.00 МЕСТО ПРОИСШЕ-
СТВИЯ
15.30 СЕЙЧАС
16.00 ОТКРЫТАЯ СТУДИЯ
17.00 ВНЕ ЗАКОНА. РЕАЛЬ-
НЫЕ РАССЛЕДОВА-
НИЯ (16+)
18.00 МЕСТО ПРОИСШЕ-
СТВИЯ
18.30 СЕЙЧАС
19.00 Т/С «ДЕТЕКТИВЫ» (16+)
20.30 Т/С «СЛЕД» (16+)
22.00 СЕЙЧАС
22.25 Т/С «СЛЕД» (16+)
23.10 Х/Ф «СТАТСКИЙ СОВЕТ-
НИК» (16+)
02.00 Х/Ф «ПРИЕЗЖАЯ»
04.00 Х/Ф «ПОСЛЕДНИЙ
ДЮЙМ»
ПЕРЕЦ
5.30, 7.00 МУЛЬТФИЛЬМЫ
6.30 «УДАЧНОЕ УТРО»
8.00 «ПОЛЕЗНОЕ УТРО»
8.40 «АНЕКДОТЫ» (16+)
9.00, 12.00 «ОБМЕН БЫТО-
ВОЙ ТЕХНИКИ»
9.30 Х/Ф «ЭКСТРЕННОЕ ТОР-
МОЖЕНИЕ» (16+)
11.30 «ВЕСЕЛЫЕ ИСТОРИИ
ИЗ ЖИЗНИ» (16+)
12.30, 18.00 «ИХ РАЗЫСКИВА-
ЕТ ПОЛИЦИЯ» (16+)
13.00 Х/Ф «МУЖ СОБАКИ
БАСКЕРВИЛЕЙ» (16+)
15.00 ДОРОЖНЫЕ ВОЙНЫ
15.30 ДОРОЖНЫЕ ДРАМЫ
16.30 «ВНЕ ЗАКОНА» (16+)
18.30 «С.У.П.» (16+)
19.00, 23.30 «АНЕКДОТЫ»
20.00 «УЛЕТНОЕ ВИДЕО»
20.30 ДОРОЖНЫЕ ВОЙНЫ
22.00 Т/С «ОДНОКЛАССН-
КИ» (16+)
23.00 «УЛЕТНОЕ ВИДЕО»
00.00 «ГОЛЫЕ И СМЕШНЫЕ» (18+)
00.30 «СМЕШНО ДО БОЛИ»
01.00 «УДАЧНАЯ НОЧЬ»
01.30 Х/Ф «ЭКСТРЕННОЕ ТОР-
МОЖЕНИЕ» (16+)
03.20 Т/С «ОТРЯД «АНТИТЕРРОР»
04.15 «САМОЕ ВЫЗЫВАЮ-
ЩЕЕ ВИДЕО» (16+)
ЗВЕЗДА
6.00 Д/С «КОЛЕСА СТРАНЫ
СОВЕТОВ»
7.05 Т/С «МУР ЕСТЬ МУР! - 3»
(16+)
9.00, 13.00, 16.00 НОВОСТИ
9.15 Т/С «СЛЕДОПЫТ» (16+)
13.15 Д/С «КОЛЕСА СТРАНЫ
СОВЕТОВ»
14.00, 16.15 Т/С «СЛЕДОПЫТ»
18.00 НОВОСТИ
18.30 Д/С «ТОВАРИЩ КОМЕН-
ДАНТ»
19.30 «БИТВА ИМПЕРИЙ»
19.45 Д/С «ВМФ СССР. ХРО-
НИКА ПОБЕДЫ» (16+)
20.20 Х/Ф «КОНТРАБАНДА»
22.00 НОВОСТИ
22.30 Д/С «ЛЕГЕНДЫ СОВЕТ-
СКОГО СЫСКА» (16+)
23.20 Т/С «МУР ЕСТЬ МУР! - 3»
(16+)
01.10 Х/Ф «ИЖОРСКИЙ БАТА-
ЛЬОН»
02.55 Х/Ф «ПОДВИГ ОДЕССЫ»
ТВ3
6.00 МУЛЬТФИЛЬМ
9.00 ЗВЕЗДЫ. ТАЙНЫ. СУДЬБЫ
10.00, 18.00, 00.30 Х-ВЕРСИИ
10.30 Д/С «ГАДАЛКА»
11.00 ПАРАЛЛЕЛЬНЫЙ МИР
12.00 «ЗАГАДКИ ИСТОРИИ»
13.00 Д/С «ИНОПЛАНЕТЯНЕ»
14.00 Т/С «АРМАГЕДДОН ЖИ-
ВОТНЫХ»
15.00 ГОРОДСКИЕ ЛЕГЕНДЫ
16.00 Д/С «ГАДАЛКА»
17.00 ПАРАЛЛЕЛЬНЫЙ МИР
18.30 Д/С «ОХОТНИКИ ЗА
ПРИВИДЕНИЯМИ» (16+)
19.00 Т/С «МЕНТАЛИСТ»
22.45 Х/Ф «АРАХНИЯ» (16+)
01.00 Х/Ф «ПЕРЕГОВОРЩИК»
(16+)
03.45 Т/С «ТРЕТЬЯ ПЛАНЕТА
ОТ СОЛНЦА»
04.15 Т/С «ГРАНЬ» (16+)
За информацию, предоставленную телеканалами, редакция ответственности не несет. В телепрограмме возможны изменения.
